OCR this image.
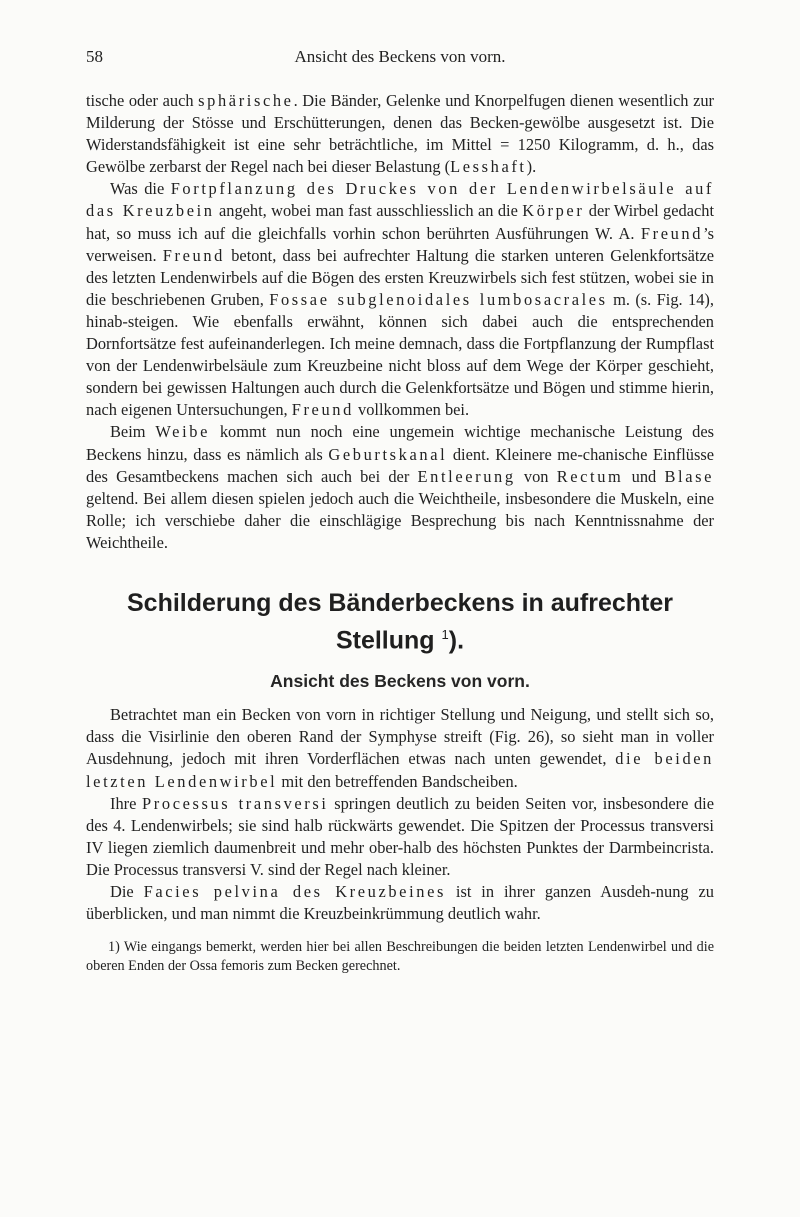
58	Ansicht des Beckens von vorn.

tische oder auch sphärische. Die Bänder, Gelenke und Knorpelfugen dienen wesentlich zur Milderung der Stösse und Erschütterungen, denen das Becken-gewölbe ausgesetzt ist. Die Widerstandsfähigkeit ist eine sehr beträchtliche, im Mittel = 1250 Kilogramm, d. h., das Gewölbe zerbarst der Regel nach bei dieser Belastung (Lesshaft).

Was die Fortpflanzung des Druckes von der Lendenwirbelsäule auf das Kreuzbein angeht, wobei man fast ausschliesslich an die Körper der Wirbel gedacht hat, so muss ich auf die gleichfalls vorhin schon berührten Ausführungen W. A. Freund’s verweisen. Freund betont, dass bei aufrechter Haltung die starken unteren Gelenkfortsätze des letzten Lendenwirbels auf die Bögen des ersten Kreuzwirbels sich fest stützen, wobei sie in die beschriebenen Gruben, Fossae subglenoidales lumbosacrales m. (s. Fig. 14), hinab-steigen. Wie ebenfalls erwähnt, können sich dabei auch die entsprechenden Dornfortsätze fest aufeinanderlegen. Ich meine demnach, dass die Fortpflanzung der Rumpflast von der Lendenwirbelsäule zum Kreuzbeine nicht bloss auf dem Wege der Körper geschieht, sondern bei gewissen Haltungen auch durch die Gelenkfortsätze und Bögen und stimme hierin, nach eigenen Untersuchungen, Freund vollkommen bei.

Beim Weibe kommt nun noch eine ungemein wichtige mechanische Leistung des Beckens hinzu, dass es nämlich als Geburtskanal dient. Kleinere me-chanische Einflüsse des Gesamtbeckens machen sich auch bei der Entleerung von Rectum und Blase geltend. Bei allem diesen spielen jedoch auch die Weichtheile, insbesondere die Muskeln, eine Rolle; ich verschiebe daher die einschlägige Besprechung bis nach Kenntnissnahme der Weichtheile.

Schilderung des Bänderbeckens in aufrechter Stellung $^1$).
Ansicht des Beckens von vorn.

Betrachtet man ein Becken von vorn in richtiger Stellung und Neigung, und stellt sich so, dass die Visirlinie den oberen Rand der Symphyse streift (Fig. 26), so sieht man in voller Ausdehnung, jedoch mit ihren Vorderflächen etwas nach unten gewendet, die beiden letzten Lendenwirbel mit den betreffenden Bandscheiben.

Ihre Processus transversi springen deutlich zu beiden Seiten vor, insbesondere die des 4. Lendenwirbels; sie sind halb rückwärts gewendet. Die Spitzen der Processus transversi IV liegen ziemlich daumenbreit und mehr ober-halb des höchsten Punktes der Darmbeincrista. Die Processus transversi V. sind der Regel nach kleiner.

Die Facies pelvina des Kreuzbeines ist in ihrer ganzen Ausdeh-nung zu überblicken, und man nimmt die Kreuzbeinkrümmung deutlich wahr.

1) Wie eingangs bemerkt, werden hier bei allen Beschreibungen die beiden letzten Lendenwirbel und die oberen Enden der Ossa femoris zum Becken gerechnet.
